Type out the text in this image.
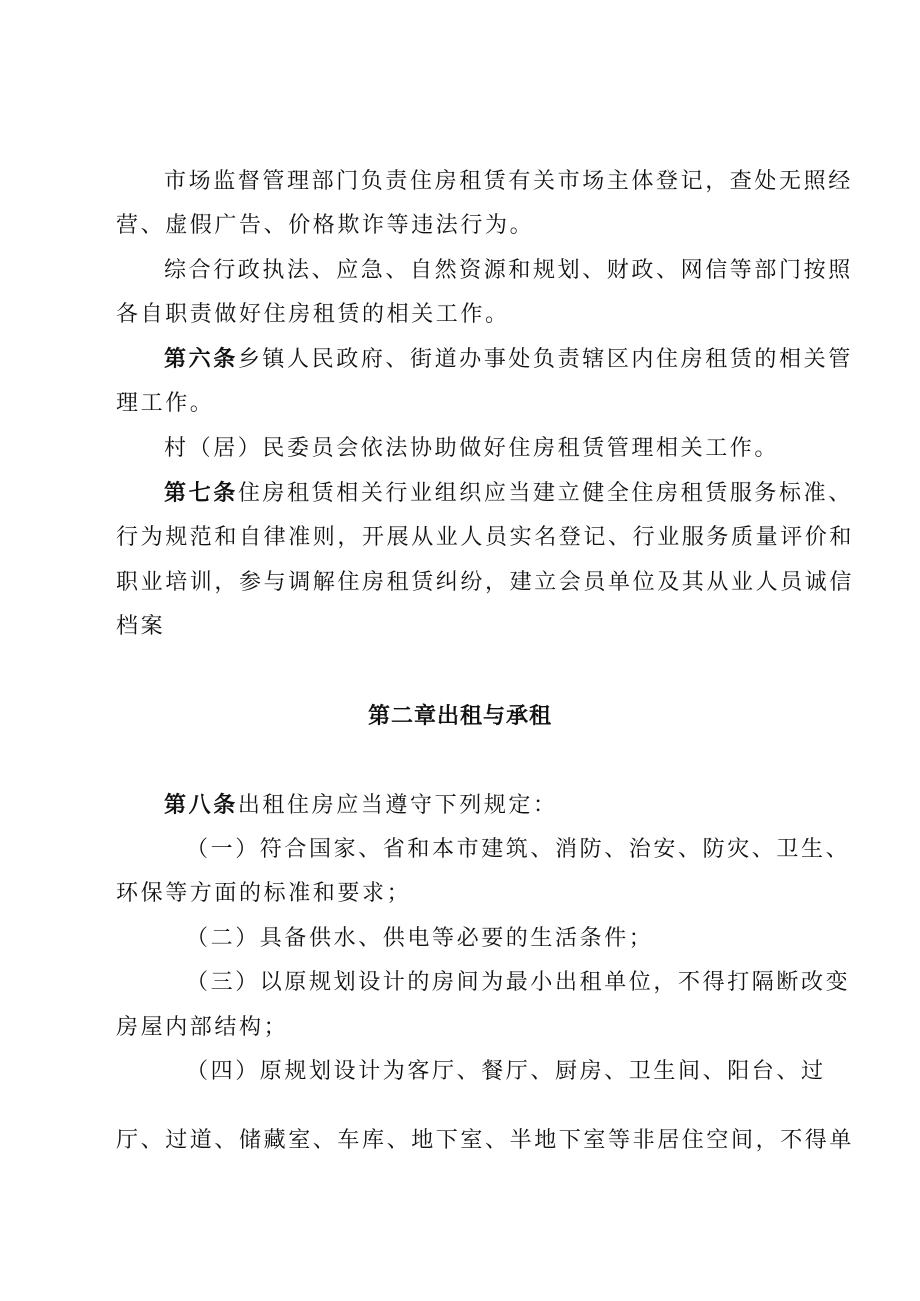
市场监督管理部门负责住房租赁有关市场主体登记，查处无照经
营、虚假广告、价格欺诈等违法行为。
综合行政执法、应急、自然资源和规划、财政、网信等部门按照
各自职责做好住房租赁的相关工作。
第六条乡镇人民政府、街道办事处负责辖区内住房租赁的相关管
理工作。
村（居）民委员会依法协助做好住房租赁管理相关工作。
第七条住房租赁相关行业组织应当建立健全住房租赁服务标准、
行为规范和自律准则，开展从业人员实名登记、行业服务质量评价和
职业培训，参与调解住房租赁纠纷，建立会员单位及其从业人员诚信
档案
第二章出租与承租
第八条出租住房应当遵守下列规定：
（一）符合国家、省和本市建筑、消防、治安、防灾、卫生、
环保等方面的标准和要求；
（二）具备供水、供电等必要的生活条件；
（三）以原规划设计的房间为最小出租单位，不得打隔断改变
房屋内部结构；
（四）原规划设计为客厅、餐厅、厨房、卫生间、阳台、过
厅、过道、储藏室、车库、地下室、半地下室等非居住空间，不得单
